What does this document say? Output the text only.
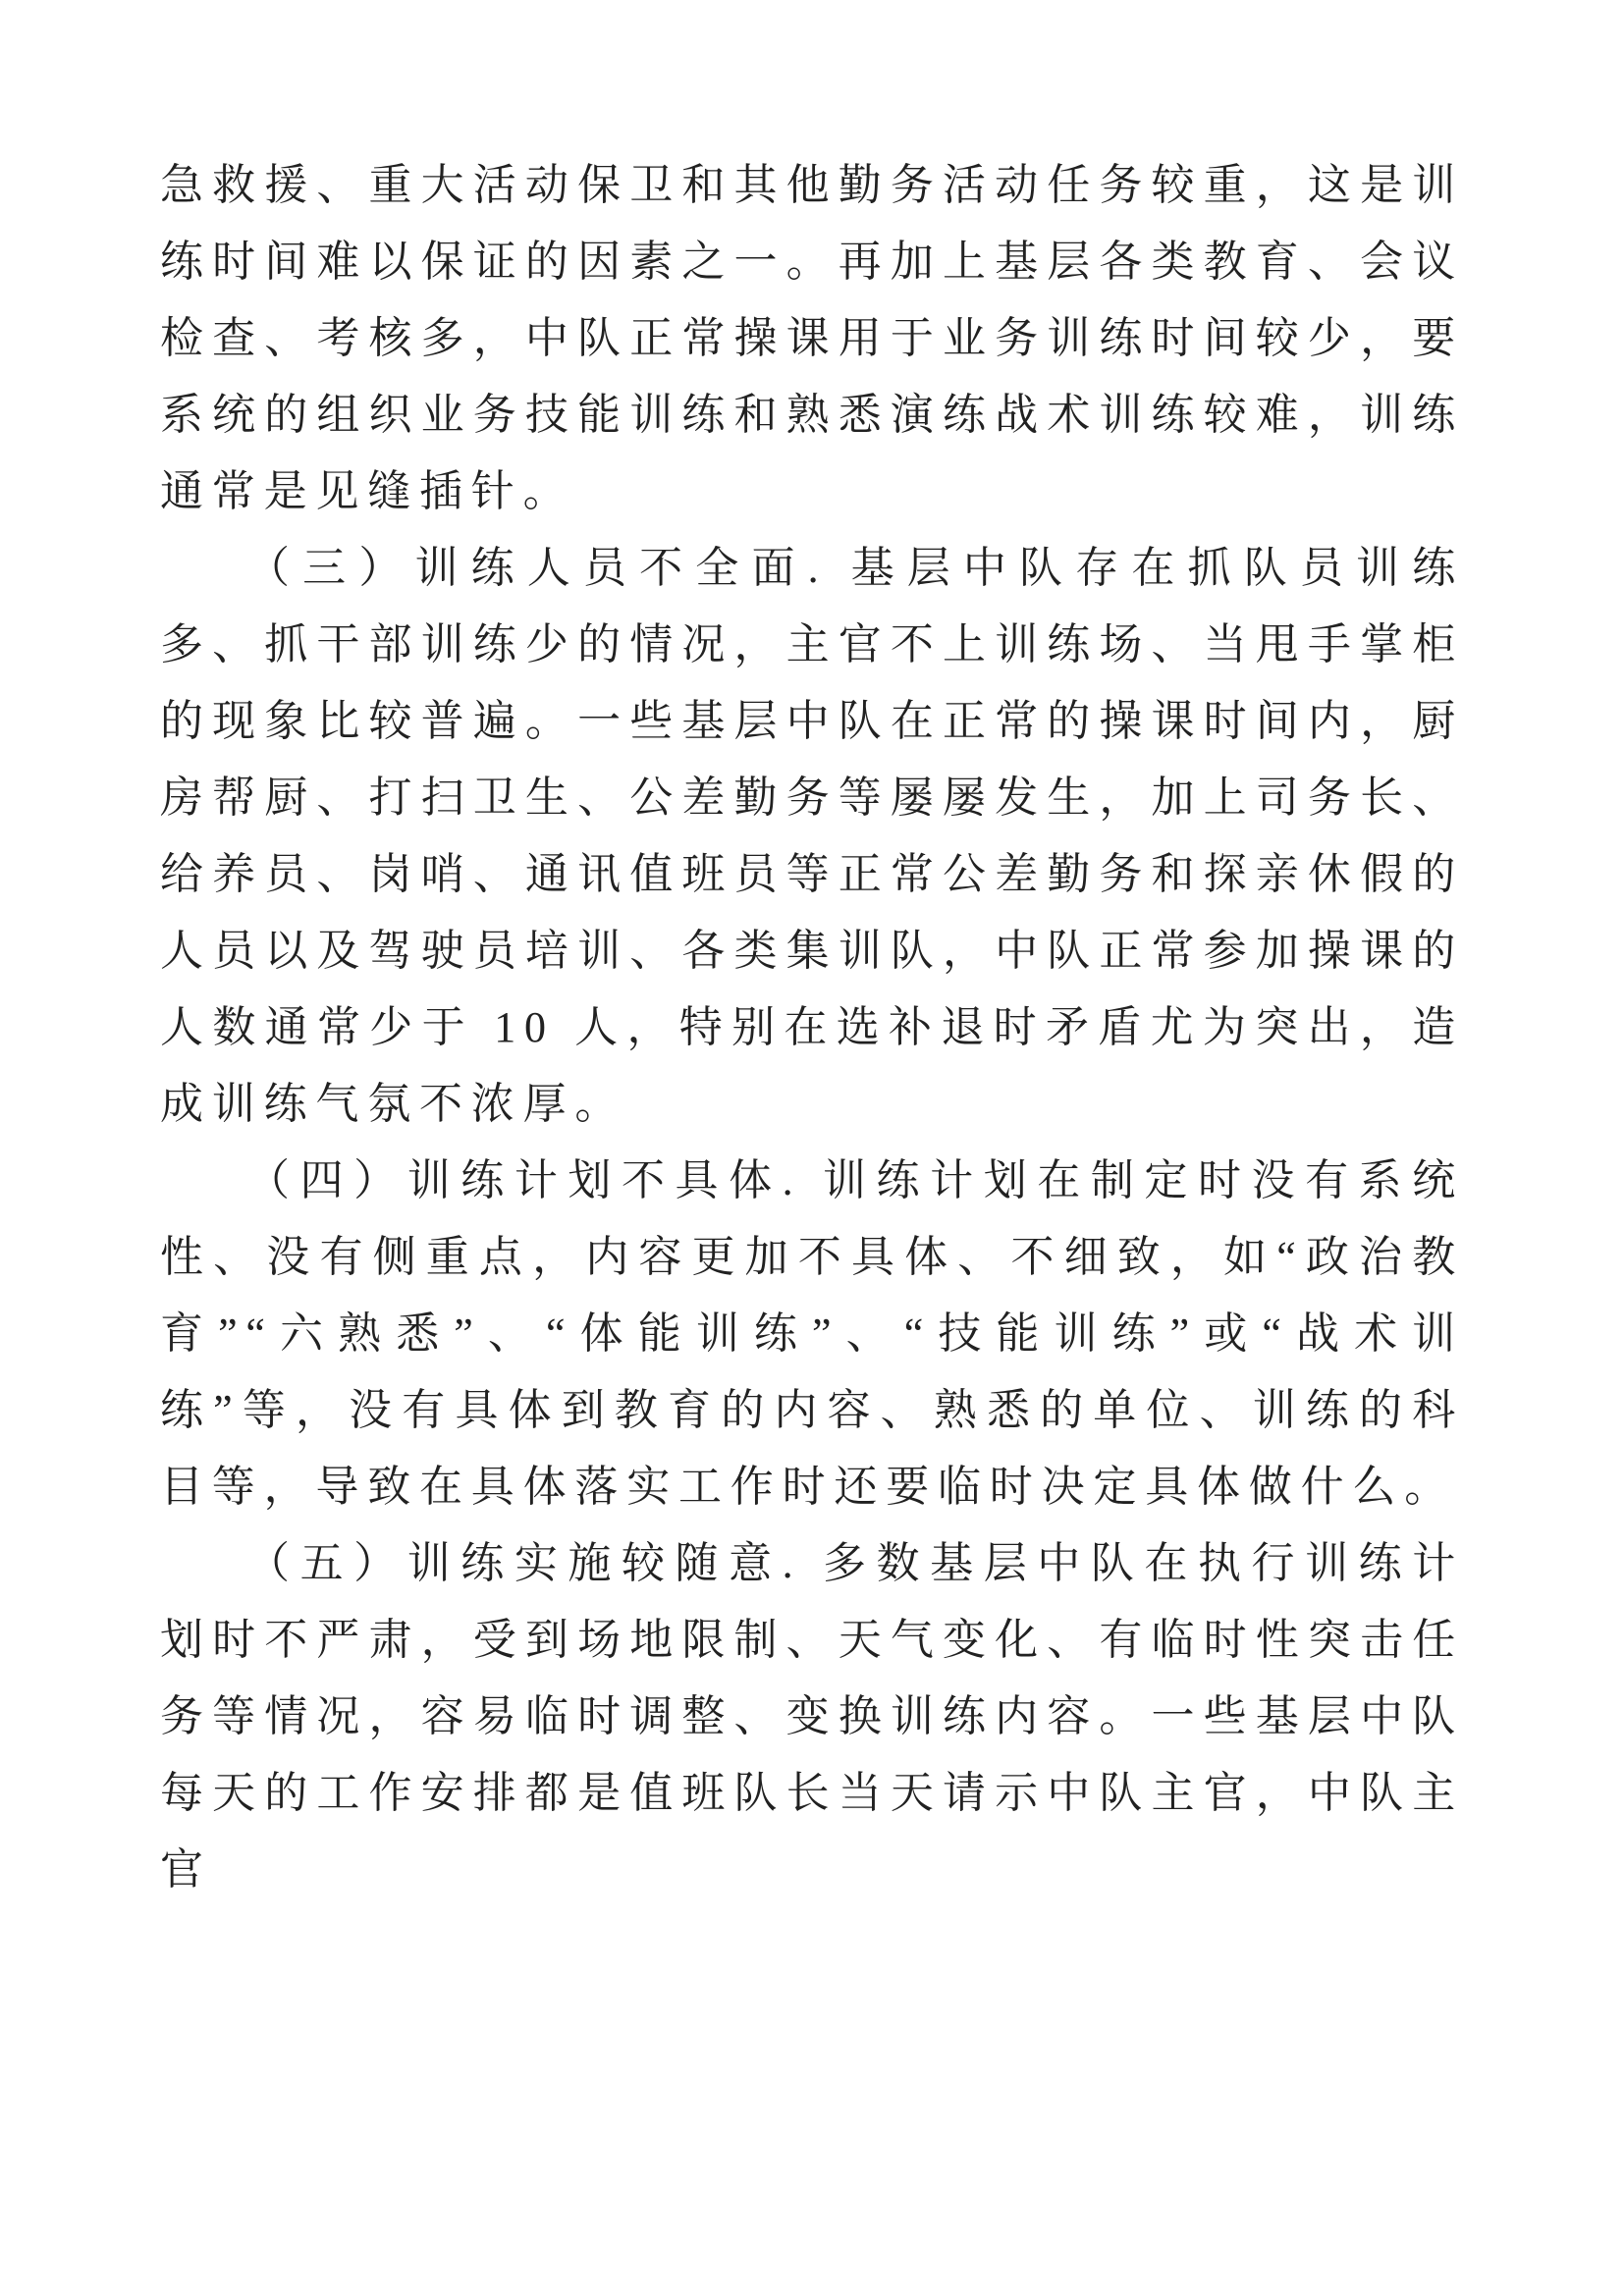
急救援、重大活动保卫和其他勤务活动任务较重，这是训练时间难以保证的因素之一。再加上基层各类教育、会议检查、考核多，中队正常操课用于业务训练时间较少，要系统的组织业务技能训练和熟悉演练战术训练较难，训练通常是见缝插针。

（三）训练人员不全面. 基层中队存在抓队员训练多、抓干部训练少的情况，主官不上训练场、当甩手掌柜的现象比较普遍。一些基层中队在正常的操课时间内，厨房帮厨、打扫卫生、公差勤务等屡屡发生，加上司务长、给养员、岗哨、通讯值班员等正常公差勤务和探亲休假的人员以及驾驶员培训、各类集训队，中队正常参加操课的人数通常少于 10 人，特别在选补退时矛盾尤为突出，造成训练气氛不浓厚。

（四）训练计划不具体. 训练计划在制定时没有系统性、没有侧重点，内容更加不具体、不细致，如“政治教育”“六熟悉”、“体能训练”、“技能训练”或“战术训练”等，没有具体到教育的内容、熟悉的单位、训练的科目等，导致在具体落实工作时还要临时决定具体做什么。

（五）训练实施较随意. 多数基层中队在执行训练计划时不严肃，受到场地限制、天气变化、有临时性突击任务等情况，容易临时调整、变换训练内容。一些基层中队每天的工作安排都是值班队长当天请示中队主官，中队主官
